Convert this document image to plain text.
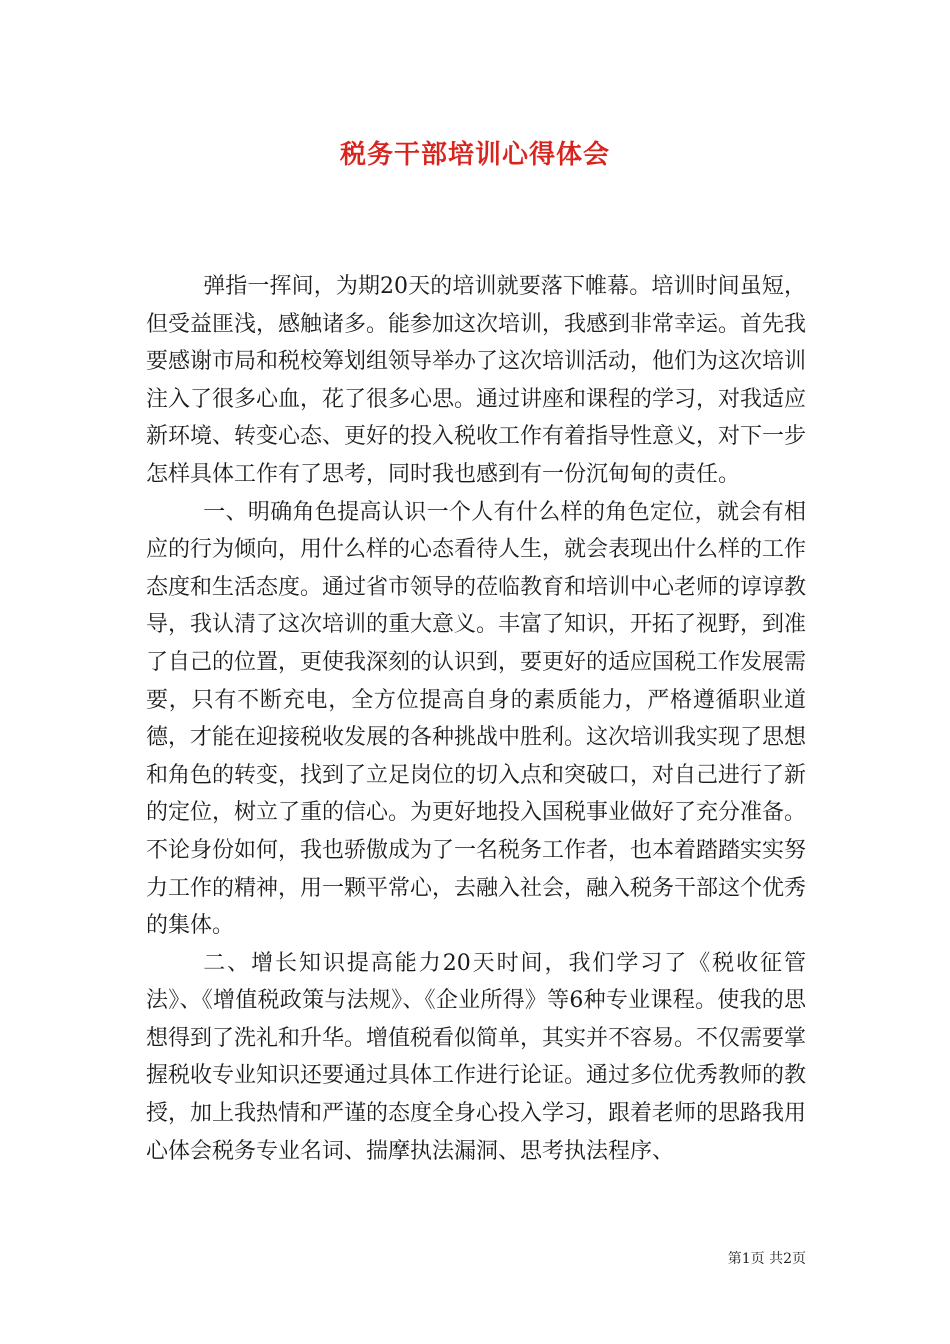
税务干部培训心得体会

弹指一挥间，为期20天的培训就要落下帷幕。培训时间虽短，但受益匪浅，感触诸多。能参加这次培训，我感到非常幸运。首先我要感谢市局和税校筹划组领导举办了这次培训活动，他们为这次培训注入了很多心血，花了很多心思。通过讲座和课程的学习，对我适应新环境、转变心态、更好的投入税收工作有着指导性意义，对下一步怎样具体工作有了思考，同时我也感到有一份沉甸甸的责任。

一、明确角色提高认识一个人有什么样的角色定位，就会有相应的行为倾向，用什么样的心态看待人生，就会表现出什么样的工作态度和生活态度。通过省市领导的莅临教育和培训中心老师的谆谆教导，我认清了这次培训的重大意义。丰富了知识，开拓了视野，到准了自己的位置，更使我深刻的认识到，要更好的适应国税工作发展需要，只有不断充电，全方位提高自身的素质能力，严格遵循职业道德，才能在迎接税收发展的各种挑战中胜利。这次培训我实现了思想和角色的转变，找到了立足岗位的切入点和突破口，对自己进行了新的定位，树立了重的信心。为更好地投入国税事业做好了充分准备。不论身份如何，我也骄傲成为了一名税务工作者，也本着踏踏实实努力工作的精神，用一颗平常心，去融入社会，融入税务干部这个优秀的集体。

二、增长知识提高能力20天时间，我们学习了《税收征管法》、《增值税政策与法规》、《企业所得》等6种专业课程。使我的思想得到了洗礼和升华。增值税看似简单，其实并不容易。不仅需要掌握税收专业知识还要通过具体工作进行论证。通过多位优秀教师的教授，加上我热情和严谨的态度全身心投入学习，跟着老师的思路我用心体会税务专业名词、揣摩执法漏洞、思考执法程序、

第1页 共2页
